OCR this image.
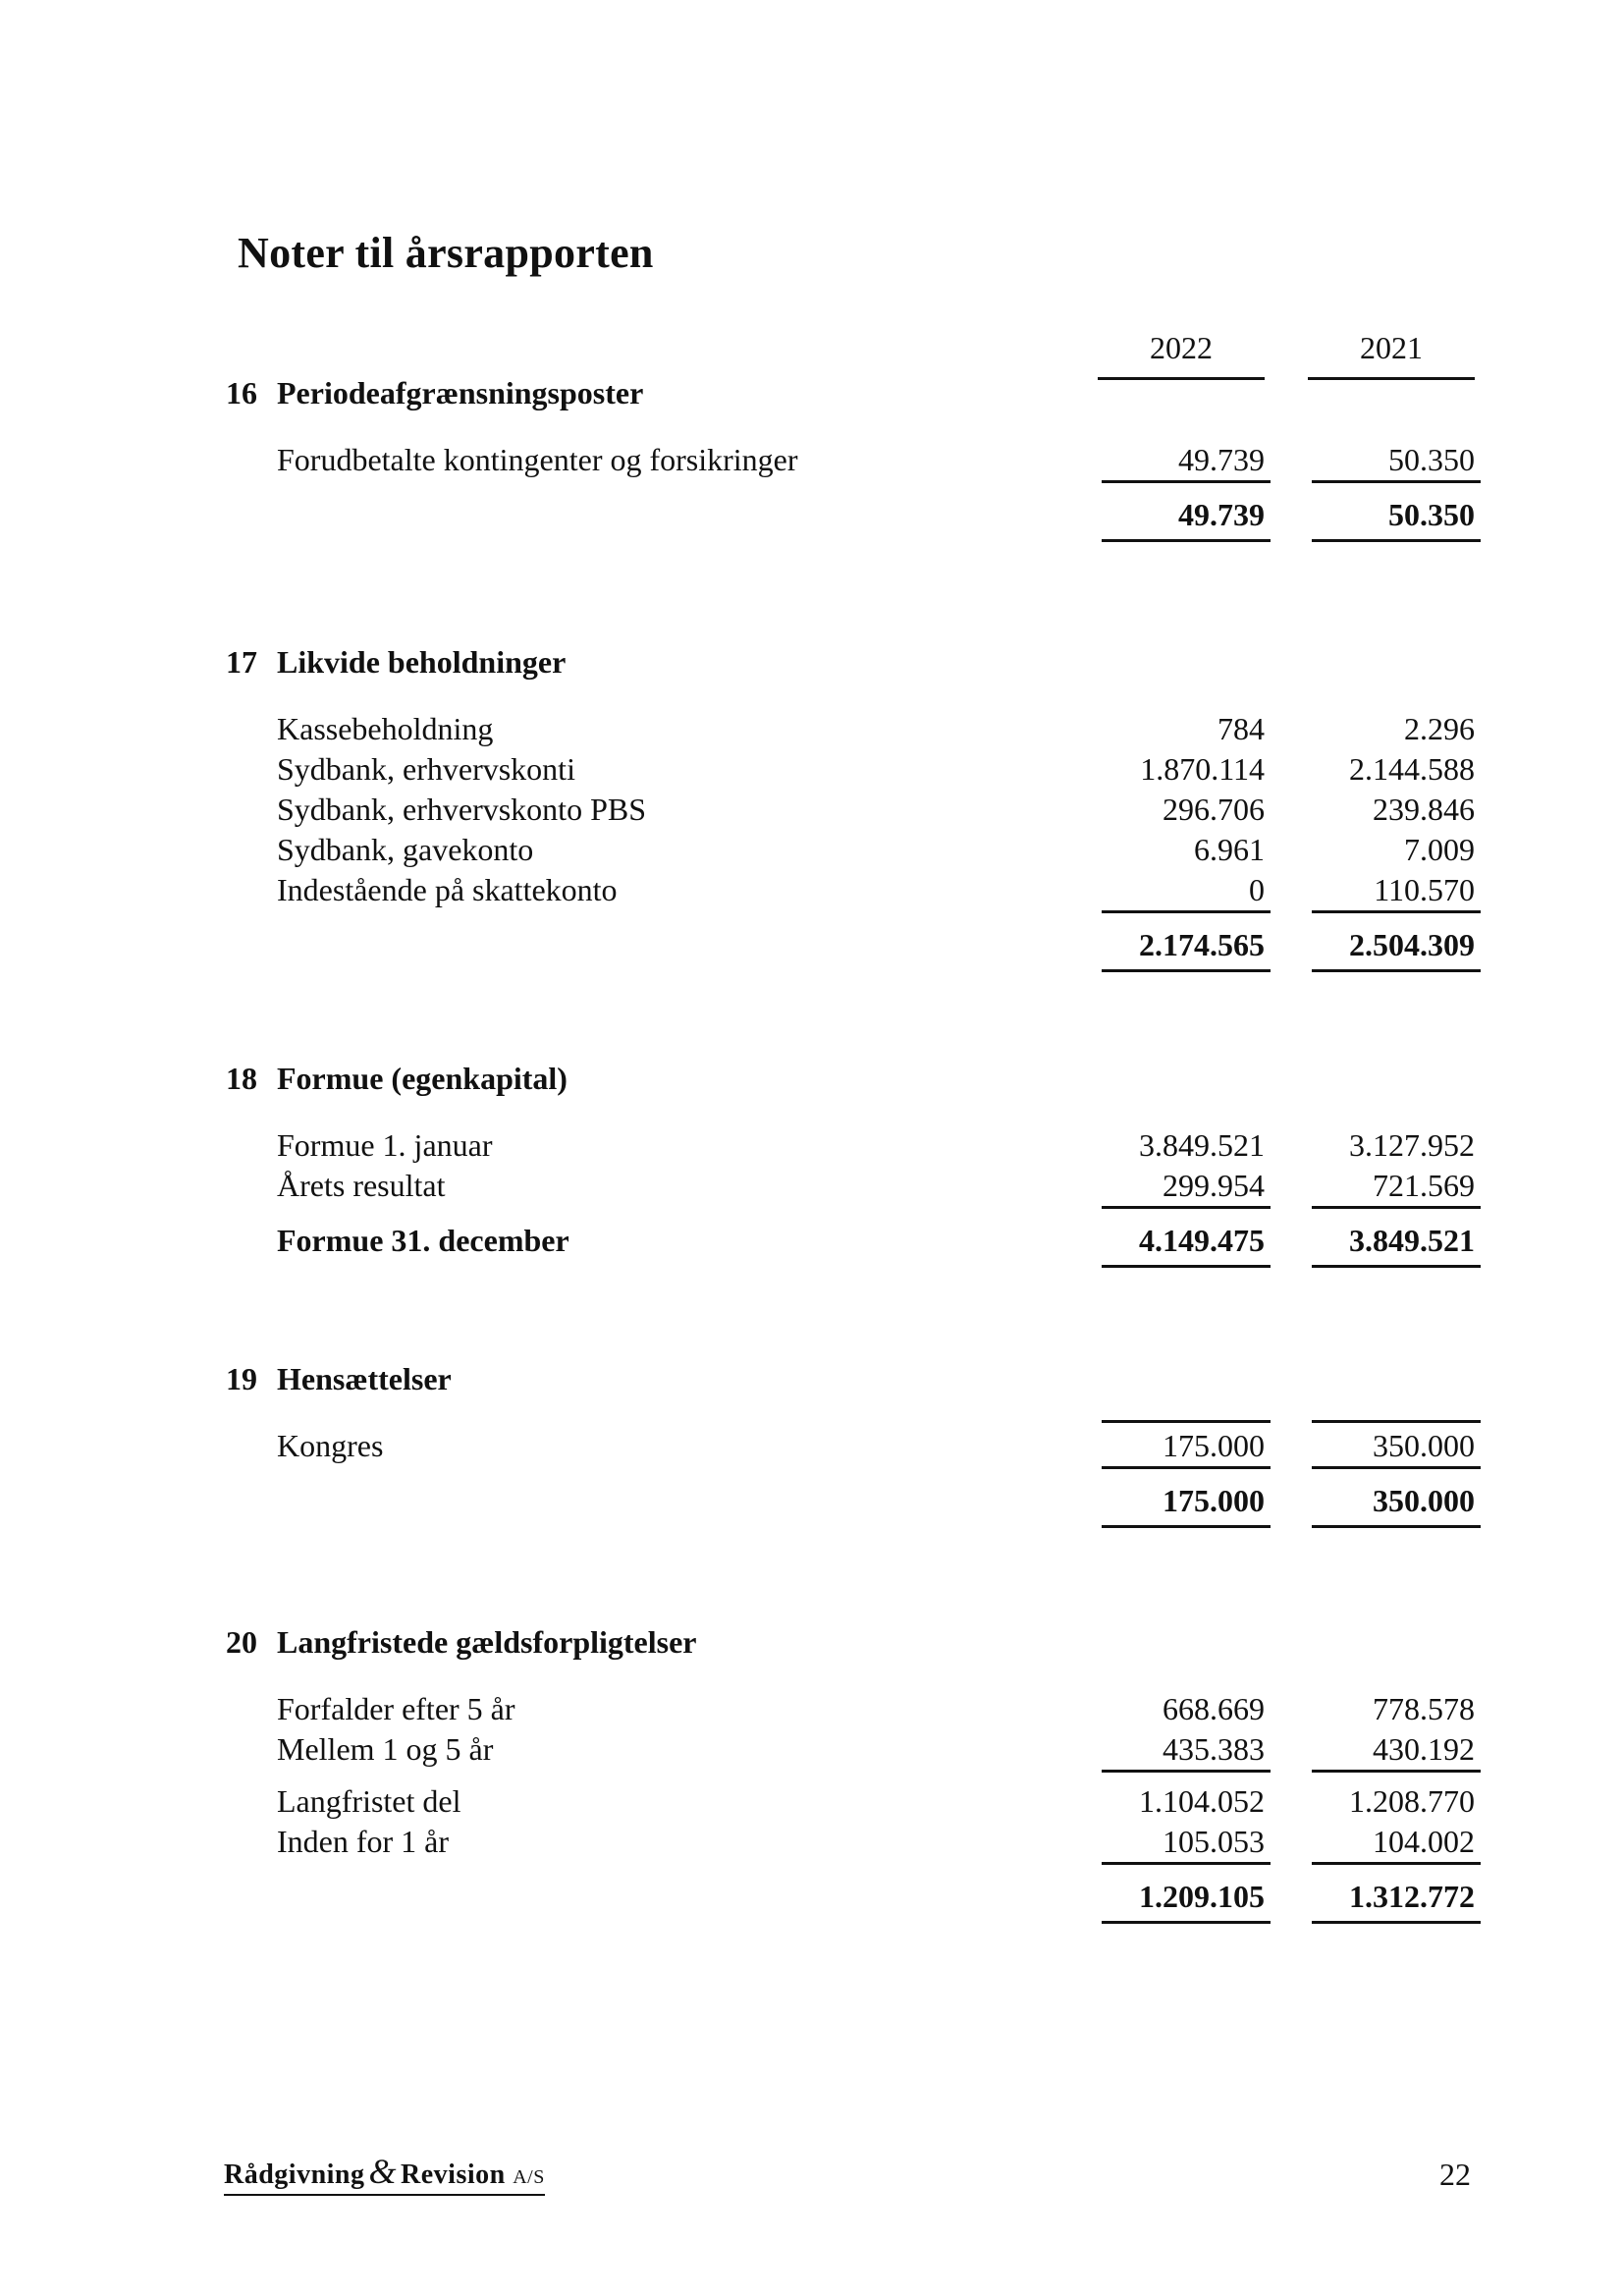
Noter til årsrapporten
2022	2021
16 Periodeafgrænsningsposter
Forudbetalte kontingenter og forsikringer	49.739	50.350
49.739	50.350
17 Likvide beholdninger
Kassebeholdning	784	2.296
Sydbank, erhvervskonti	1.870.114	2.144.588
Sydbank, erhvervskonto PBS	296.706	239.846
Sydbank, gavekonto	6.961	7.009
Indestående på skattekonto	0	110.570
2.174.565	2.504.309
18 Formue (egenkapital)
Formue 1. januar	3.849.521	3.127.952
Årets resultat	299.954	721.569
Formue 31. december	4.149.475	3.849.521
19 Hensættelser
Kongres	175.000	350.000
175.000	350.000
20 Langfristede gældsforpligtelser
Forfalder efter 5 år	668.669	778.578
Mellem 1 og 5 år	435.383	430.192
Langfristet del	1.104.052	1.208.770
Inden for 1 år	105.053	104.002
1.209.105	1.312.772
Rådgivning & Revision A/S	22
